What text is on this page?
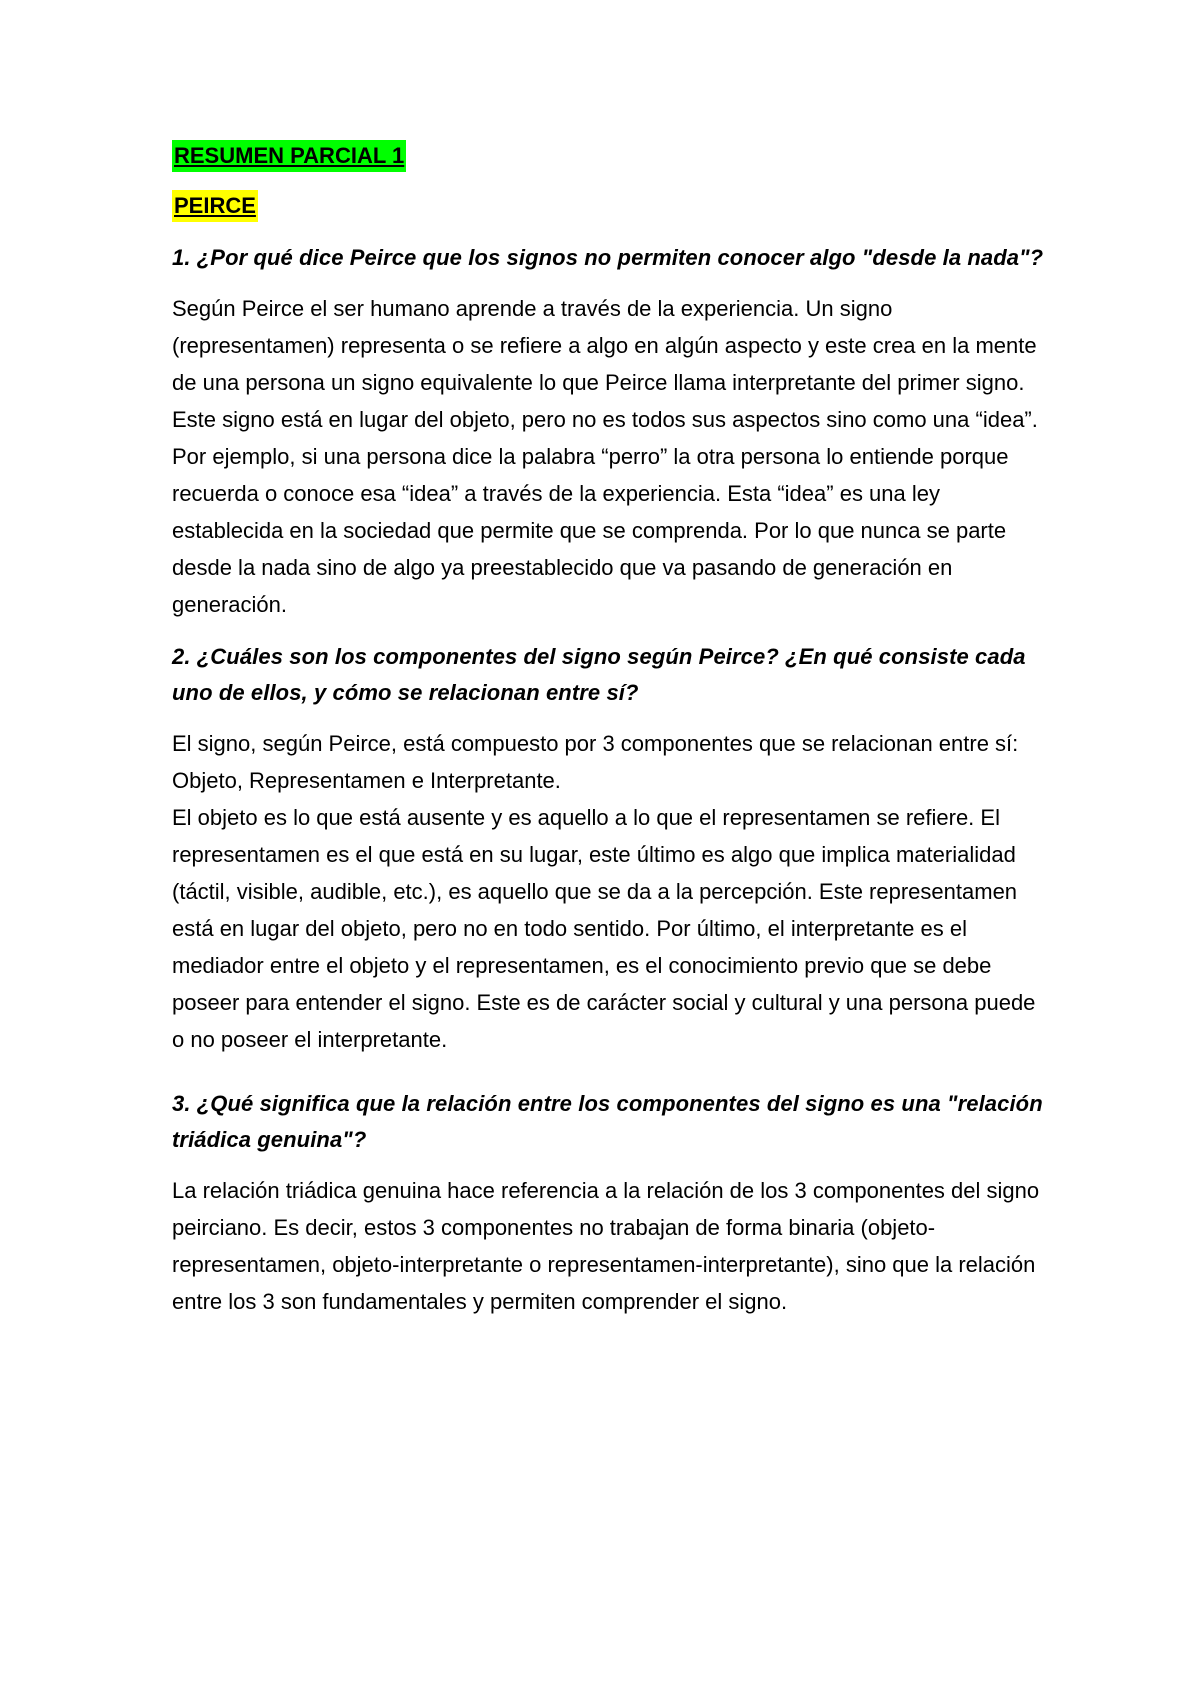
RESUMEN PARCIAL 1
PEIRCE

1. ¿Por qué dice Peirce que los signos no permiten conocer algo "desde la nada"?

Según Peirce el ser humano aprende a través de la experiencia. Un signo (representamen) representa o se refiere a algo en algún aspecto y este crea en la mente de una persona un signo equivalente lo que Peirce llama interpretante del primer signo. Este signo está en lugar del objeto, pero no es todos sus aspectos sino como una “idea”. Por ejemplo, si una persona dice la palabra “perro” la otra persona lo entiende porque recuerda o conoce esa “idea” a través de la experiencia. Esta “idea” es una ley establecida en la sociedad que permite que se comprenda. Por lo que nunca se parte desde la nada sino de algo ya preestablecido que va pasando de generación en generación.

2. ¿Cuáles son los componentes del signo según Peirce? ¿En qué consiste cada uno de ellos, y cómo se relacionan entre sí?

El signo, según Peirce, está compuesto por 3 componentes que se relacionan entre sí: Objeto, Representamen e Interpretante.
El objeto es lo que está ausente y es aquello a lo que el representamen se refiere. El representamen es el que está en su lugar, este último es algo que implica materialidad (táctil, visible, audible, etc.), es aquello que se da a la percepción. Este representamen está en lugar del objeto, pero no en todo sentido. Por último, el interpretante es el mediador entre el objeto y el representamen, es el conocimiento previo que se debe poseer para entender el signo. Este es de carácter social y cultural y una persona puede o no poseer el interpretante.

3. ¿Qué significa que la relación entre los componentes del signo es una "relación triádica genuina"?

La relación triádica genuina hace referencia a la relación de los 3 componentes del signo peirciano. Es decir, estos 3 componentes no trabajan de forma binaria (objeto-representamen, objeto-interpretante o representamen-interpretante), sino que la relación entre los 3 son fundamentales y permiten comprender el signo.
